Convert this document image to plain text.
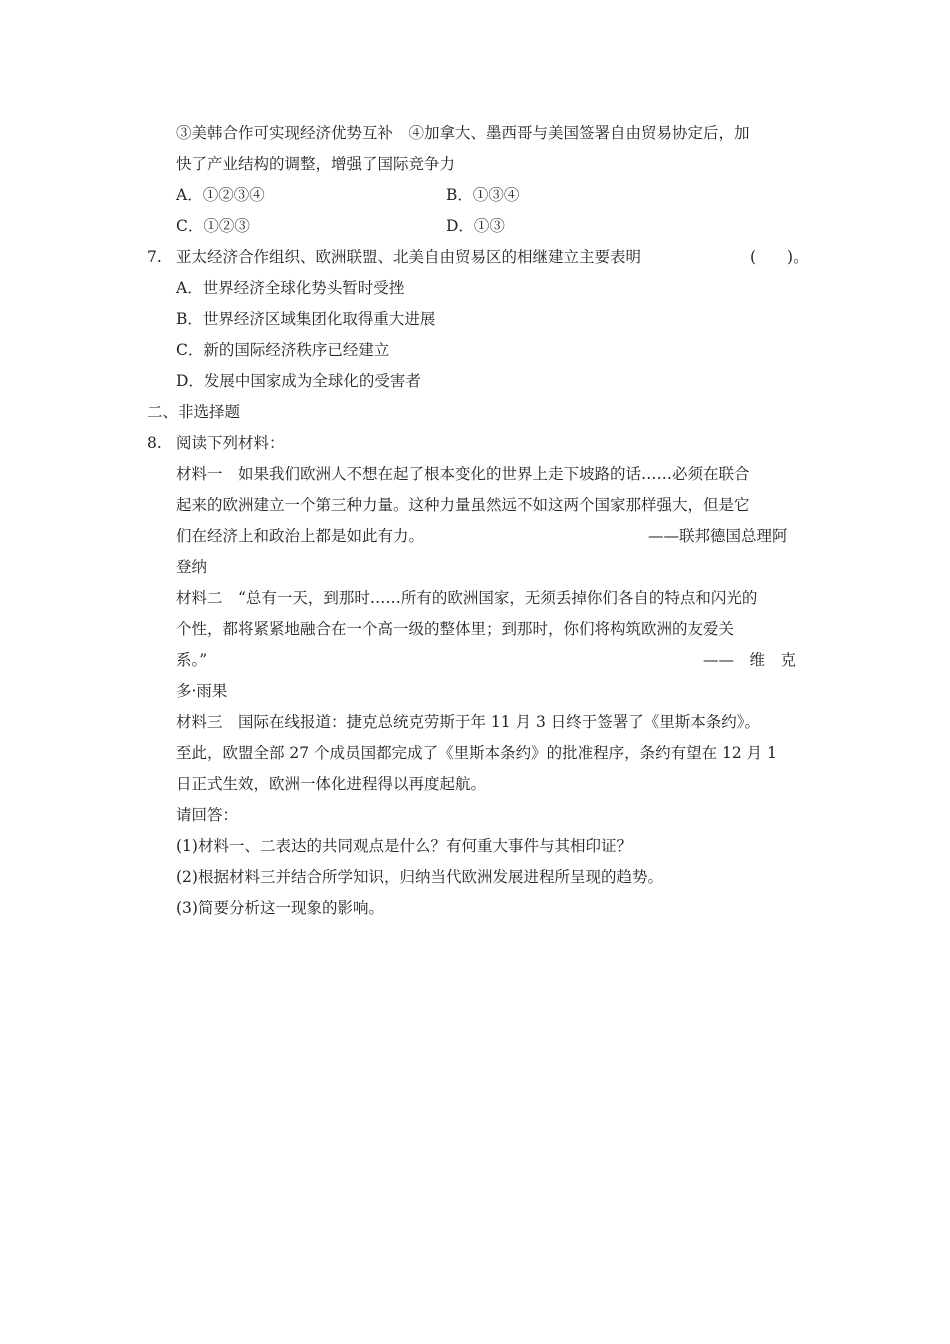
③美韩合作可实现经济优势互补　④加拿大、墨西哥与美国签署自由贸易协定后，加
快了产业结构的调整，增强了国际竞争力
A．①②③④	B．①③④
C．①②③	D．①③
7. 亚太经济合作组织、欧洲联盟、北美自由贸易区的相继建立主要表明	(　　)。
A．世界经济全球化势头暂时受挫
B．世界经济区域集团化取得重大进展
C．新的国际经济秩序已经建立
D．发展中国家成为全球化的受害者
二、非选择题
8. 阅读下列材料：
材料一　如果我们欧洲人不想在起了根本变化的世界上走下坡路的话……必须在联合
起来的欧洲建立一个第三种力量。这种力量虽然远不如这两个国家那样强大，但是它
们在经济上和政治上都是如此有力。	——联邦德国总理阿
登纳
材料二　“总有一天，到那时……所有的欧洲国家，无须丢掉你们各自的特点和闪光的
个性，都将紧紧地融合在一个高一级的整体里；到那时，你们将构筑欧洲的友爱关
系。”	——　维　克
多·雨果
材料三　国际在线报道：捷克总统克劳斯于年 11 月 3 日终于签署了《里斯本条约》。
至此，欧盟全部 27 个成员国都完成了《里斯本条约》的批准程序，条约有望在 12 月 1
日正式生效，欧洲一体化进程得以再度起航。
请回答：
(1)材料一、二表达的共同观点是什么？有何重大事件与其相印证？
(2)根据材料三并结合所学知识，归纳当代欧洲发展进程所呈现的趋势。
(3)简要分析这一现象的影响。
